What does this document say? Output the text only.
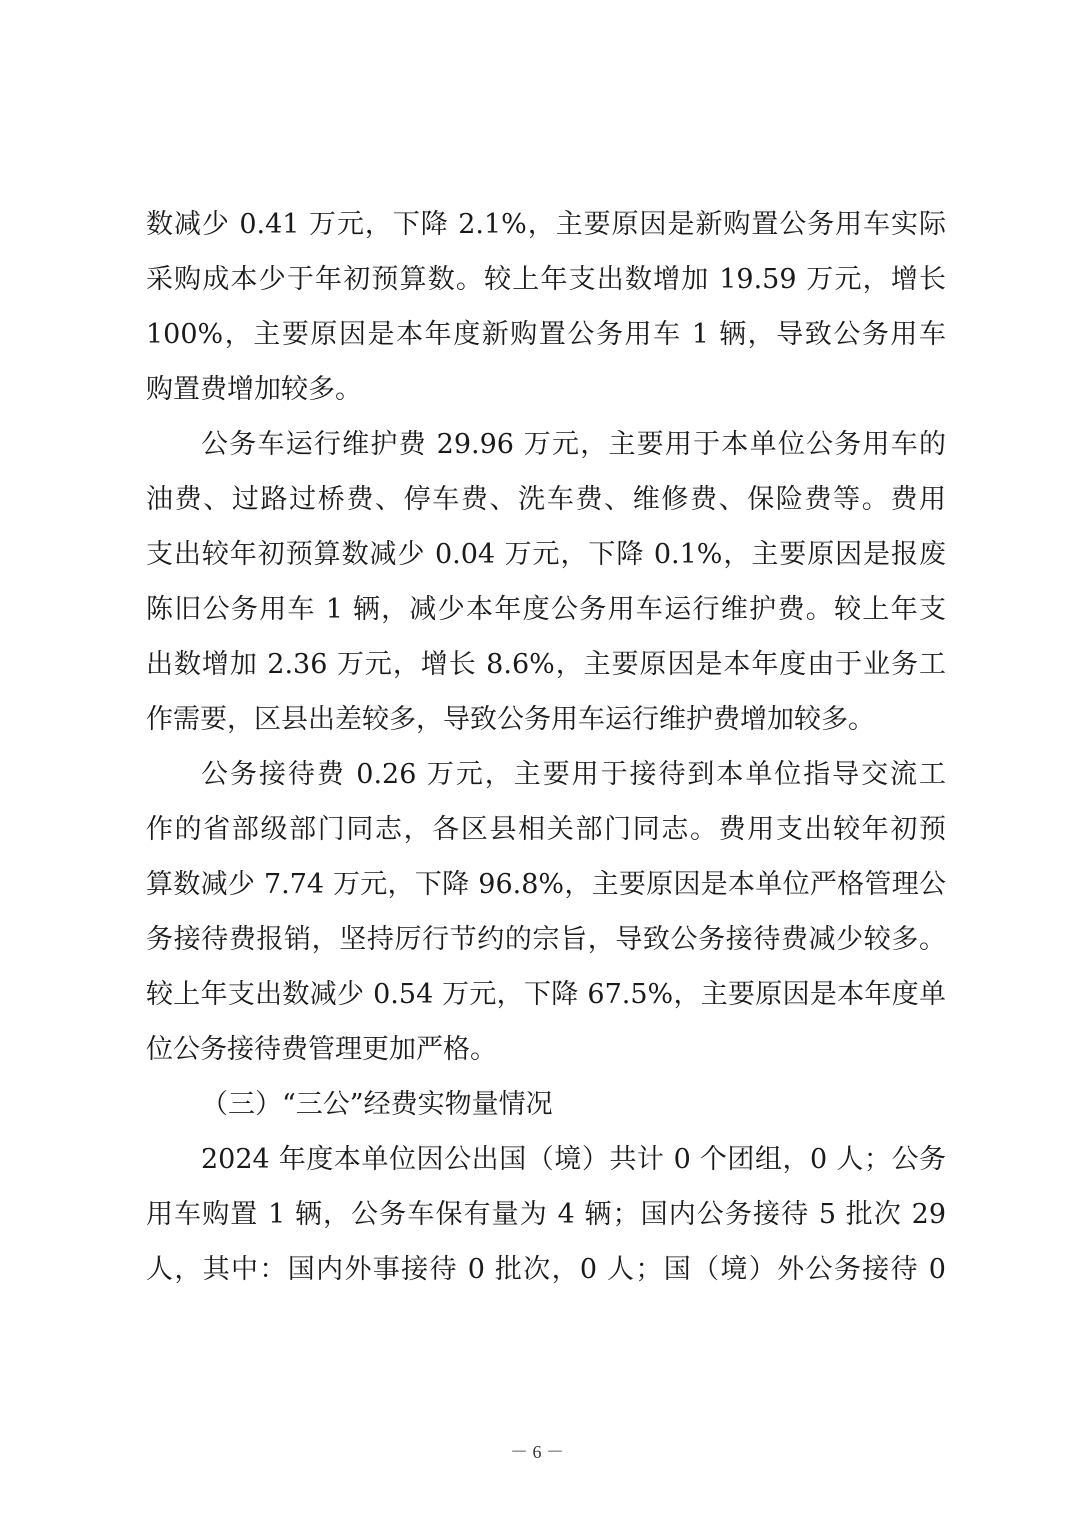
数减少 0.41 万元，下降 2.1%，主要原因是新购置公务用车实际
采购成本少于年初预算数。较上年支出数增加 19.59 万元，增长
100%，主要原因是本年度新购置公务用车 1 辆，导致公务用车
购置费增加较多。
公务车运行维护费 29.96 万元，主要用于本单位公务用车的
油费、过路过桥费、停车费、洗车费、维修费、保险费等。费用
支出较年初预算数减少 0.04 万元，下降 0.1%，主要原因是报废
陈旧公务用车 1 辆，减少本年度公务用车运行维护费。较上年支
出数增加 2.36 万元，增长 8.6%，主要原因是本年度由于业务工
作需要，区县出差较多，导致公务用车运行维护费增加较多。
公务接待费 0.26 万元，主要用于接待到本单位指导交流工
作的省部级部门同志，各区县相关部门同志。费用支出较年初预
算数减少 7.74 万元，下降 96.8%，主要原因是本单位严格管理公
务接待费报销，坚持厉行节约的宗旨，导致公务接待费减少较多。
较上年支出数减少 0.54 万元，下降 67.5%，主要原因是本年度单
位公务接待费管理更加严格。
（三）“三公”经费实物量情况
2024 年度本单位因公出国（境）共计 0 个团组，0 人；公务
用车购置 1 辆，公务车保有量为 4 辆；国内公务接待 5 批次 29
人，其中：国内外事接待 0 批次，0 人；国（境）外公务接待 0
－ 6 －
